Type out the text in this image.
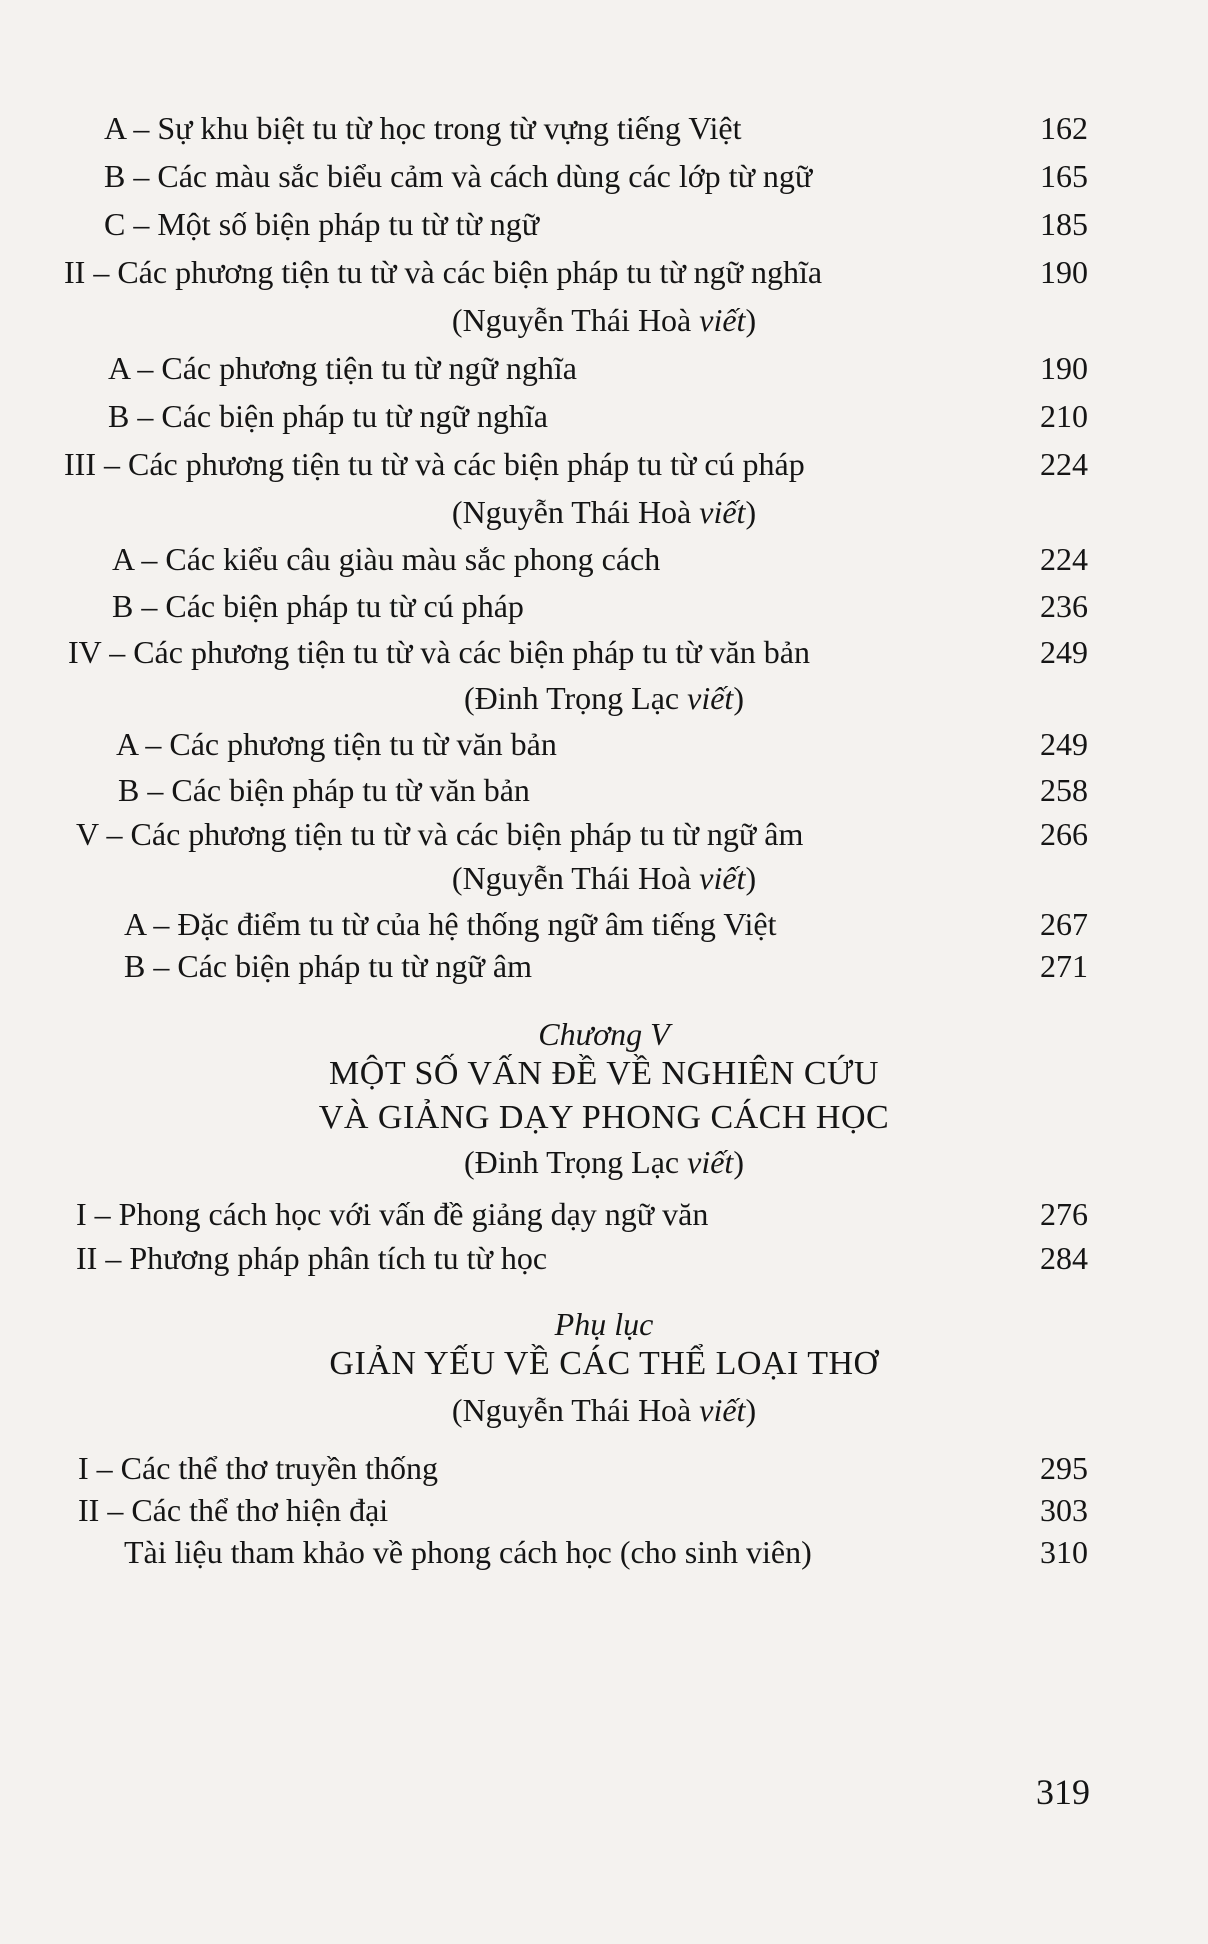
A – Sự khu biệt tu từ học trong từ vựng tiếng Việt	162
B – Các màu sắc biểu cảm và cách dùng các lớp từ ngữ	165
C – Một số biện pháp tu từ từ ngữ	185
II – Các phương tiện tu từ và các biện pháp tu từ ngữ nghĩa	190
(Nguyễn Thái Hoà viết)
A – Các phương tiện tu từ ngữ nghĩa	190
B – Các biện pháp tu từ ngữ nghĩa	210
III – Các phương tiện tu từ và các biện pháp tu từ cú pháp	224
(Nguyễn Thái Hoà viết)
A – Các kiểu câu giàu màu sắc phong cách	224
B – Các biện pháp tu từ cú pháp	236
IV – Các phương tiện tu từ và các biện pháp tu từ văn bản	249
(Đinh Trọng Lạc viết)
A – Các phương tiện tu từ văn bản	249
B – Các biện pháp tu từ văn bản	258
V – Các phương tiện tu từ và các biện pháp tu từ ngữ âm	266
(Nguyễn Thái Hoà viết)
A – Đặc điểm tu từ của hệ thống ngữ âm tiếng Việt	267
B – Các biện pháp tu từ ngữ âm	271
Chương V
MỘT SỐ VẤN ĐỀ VỀ NGHIÊN CỨU
VÀ GIẢNG DẠY PHONG CÁCH HỌC
(Đinh Trọng Lạc viết)
I – Phong cách học với vấn đề giảng dạy ngữ văn	276
II – Phương pháp phân tích tu từ học	284
Phụ lục
GIẢN YẾU VỀ CÁC THỂ LOẠI THƠ
(Nguyễn Thái Hoà viết)
I – Các thể thơ truyền thống	295
II – Các thể thơ hiện đại	303
Tài liệu tham khảo về phong cách học (cho sinh viên)	310
319
